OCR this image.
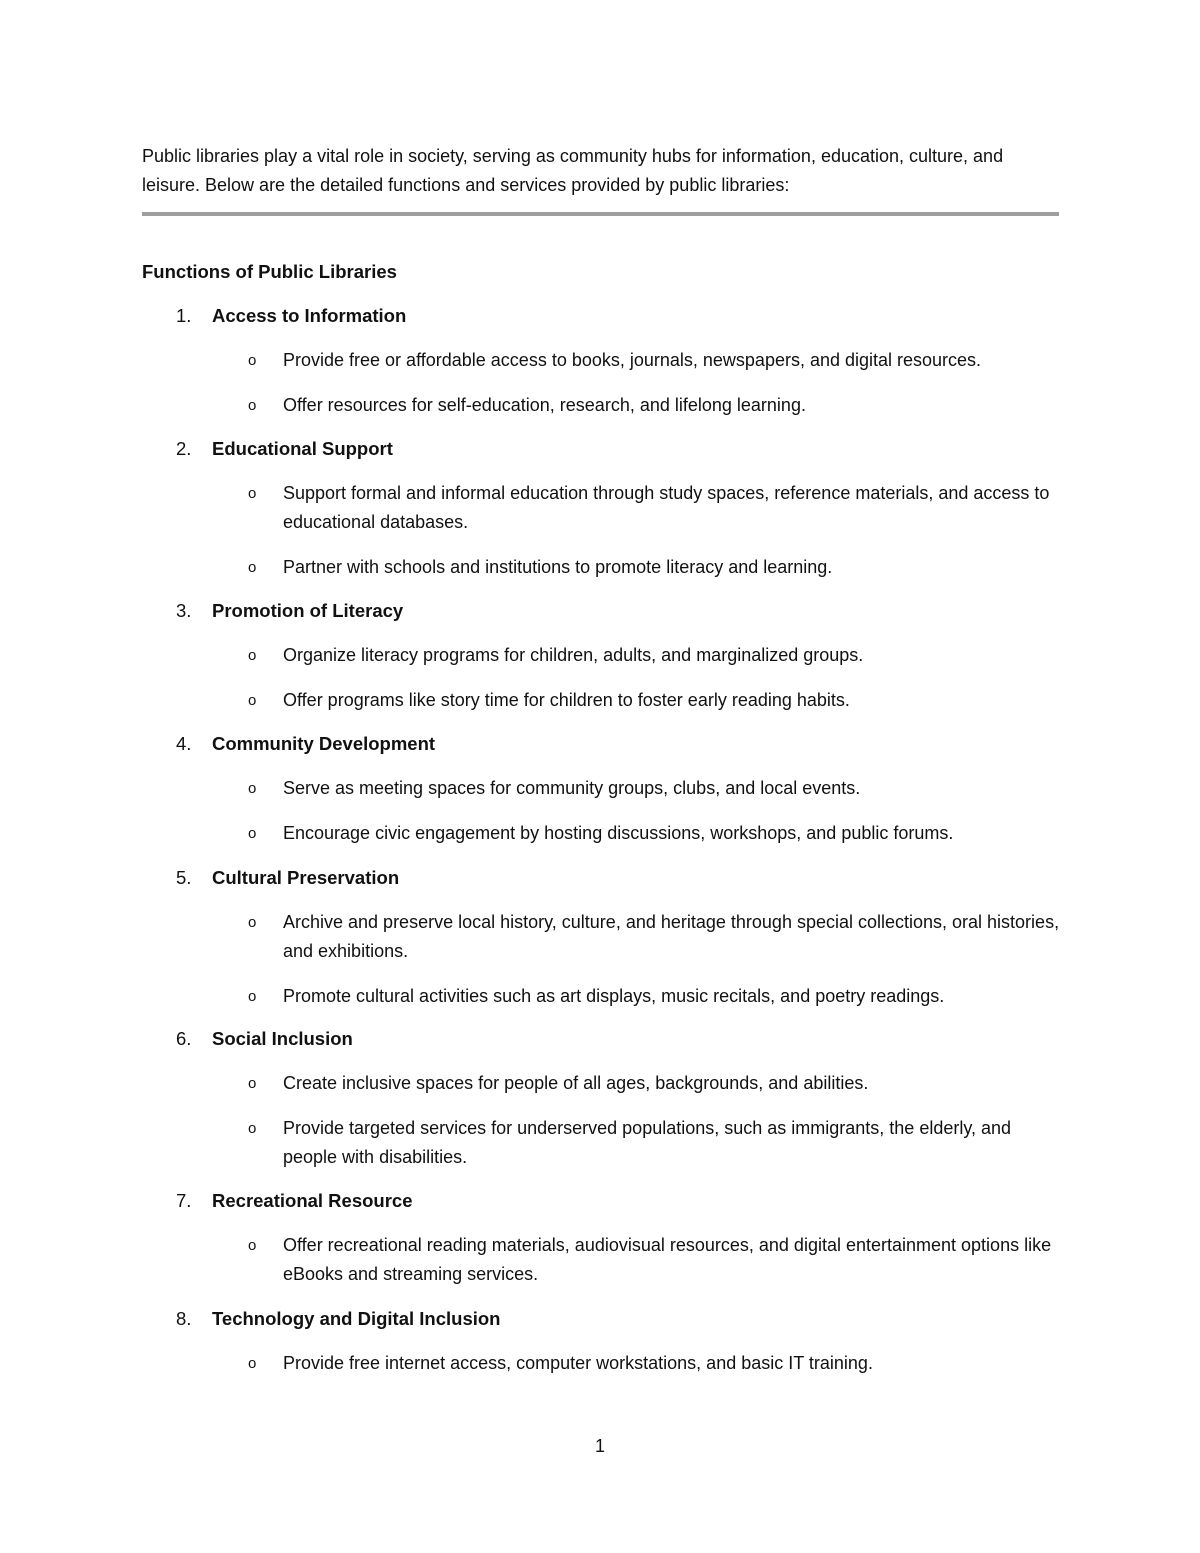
Public libraries play a vital role in society, serving as community hubs for information, education, culture, and leisure. Below are the detailed functions and services provided by public libraries:

Functions of Public Libraries
1. Access to Information
o Provide free or affordable access to books, journals, newspapers, and digital resources.
o Offer resources for self-education, research, and lifelong learning.
2. Educational Support
o Support formal and informal education through study spaces, reference materials, and access to educational databases.
o Partner with schools and institutions to promote literacy and learning.
3. Promotion of Literacy
o Organize literacy programs for children, adults, and marginalized groups.
o Offer programs like story time for children to foster early reading habits.
4. Community Development
o Serve as meeting spaces for community groups, clubs, and local events.
o Encourage civic engagement by hosting discussions, workshops, and public forums.
5. Cultural Preservation
o Archive and preserve local history, culture, and heritage through special collections, oral histories, and exhibitions.
o Promote cultural activities such as art displays, music recitals, and poetry readings.
6. Social Inclusion
o Create inclusive spaces for people of all ages, backgrounds, and abilities.
o Provide targeted services for underserved populations, such as immigrants, the elderly, and people with disabilities.
7. Recreational Resource
o Offer recreational reading materials, audiovisual resources, and digital entertainment options like eBooks and streaming services.
8. Technology and Digital Inclusion
o Provide free internet access, computer workstations, and basic IT training.
1
